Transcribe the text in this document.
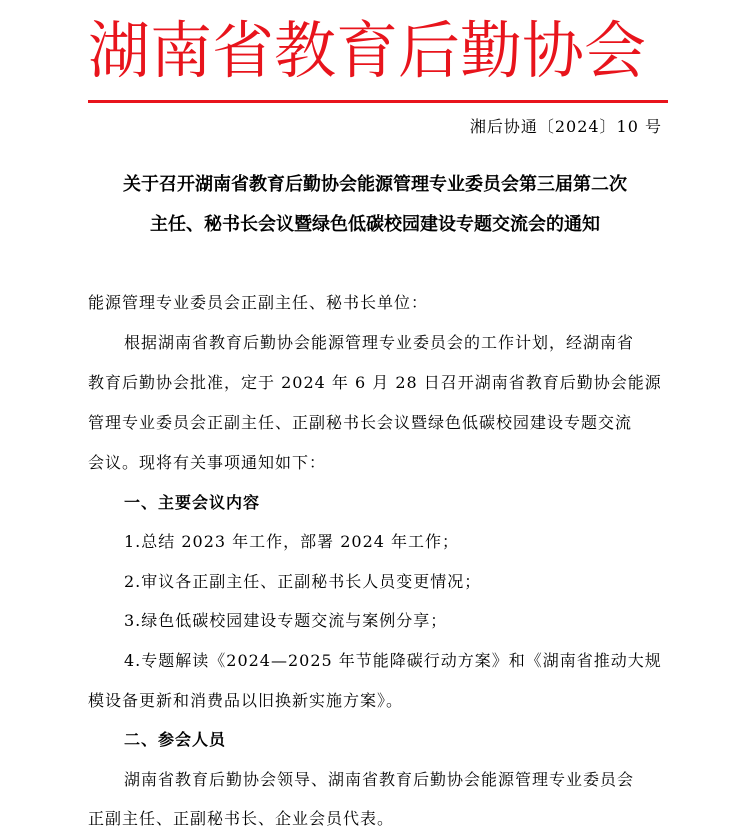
湖南省教育后勤协会
湘后协通〔2024〕10 号
关于召开湖南省教育后勤协会能源管理专业委员会第三届第二次
主任、秘书长会议暨绿色低碳校园建设专题交流会的通知
能源管理专业委员会正副主任、秘书长单位：
根据湖南省教育后勤协会能源管理专业委员会的工作计划，经湖南省
教育后勤协会批准，定于 2024 年 6 月 28 日召开湖南省教育后勤协会能源
管理专业委员会正副主任、正副秘书长会议暨绿色低碳校园建设专题交流
会议。现将有关事项通知如下：
一、主要会议内容
1.总结 2023 年工作，部署 2024 年工作；
2.审议各正副主任、正副秘书长人员变更情况；
3.绿色低碳校园建设专题交流与案例分享；
4.专题解读《2024—2025 年节能降碳行动方案》和《湖南省推动大规
模设备更新和消费品以旧换新实施方案》。
二、参会人员
湖南省教育后勤协会领导、湖南省教育后勤协会能源管理专业委员会
正副主任、正副秘书长、企业会员代表。
